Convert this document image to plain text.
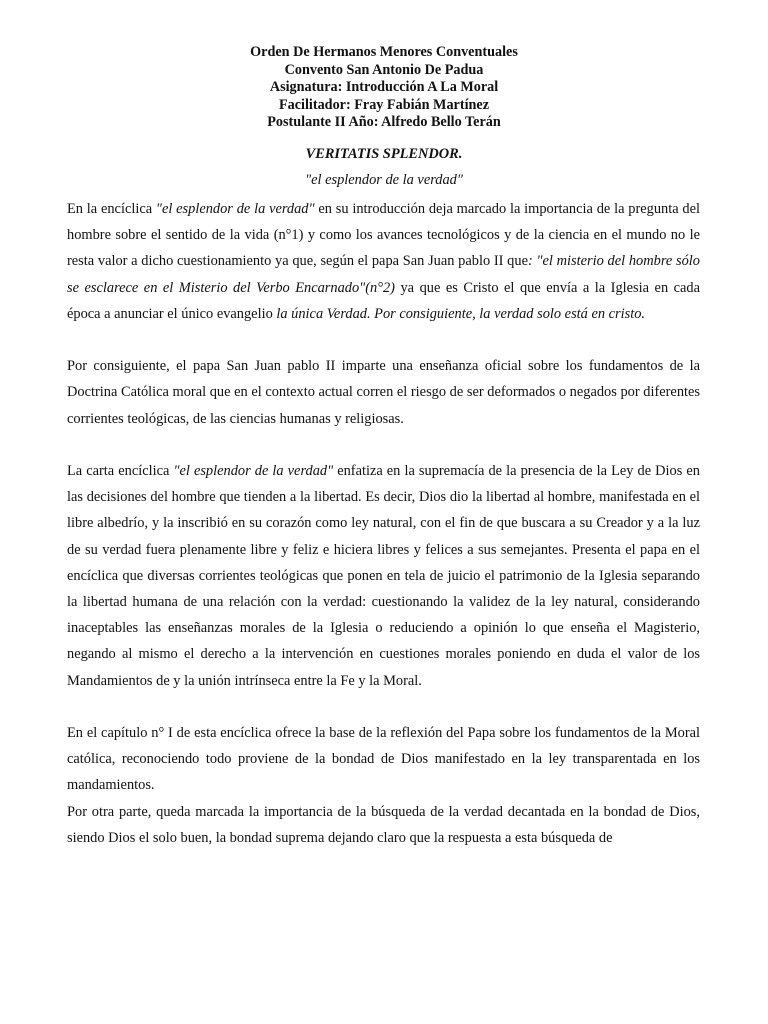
Orden De Hermanos Menores Conventuales
Convento San Antonio De Padua
Asignatura: Introducción A La Moral
Facilitador: Fray Fabián Martínez
Postulante II Año: Alfredo Bello Terán
VERITATIS SPLENDOR.
"el esplendor de la verdad"

En la encíclica "el esplendor de la verdad" en su introducción deja marcado la importancia de la pregunta del hombre sobre el sentido de la vida (n°1) y como los avances tecnológicos y de la ciencia en el mundo no le resta valor a dicho cuestionamiento ya que, según el papa San Juan pablo II que: "el misterio del hombre sólo se esclarece en el Misterio del Verbo Encarnado"(n°2) ya que es Cristo el que envía a la Iglesia en cada época a anunciar el único evangelio la única Verdad. Por consiguiente, la verdad solo está en cristo.

Por consiguiente, el papa San Juan pablo II imparte una enseñanza oficial sobre los fundamentos de la Doctrina Católica moral que en el contexto actual corren el riesgo de ser deformados o negados por diferentes corrientes teológicas, de las ciencias humanas y religiosas.

La carta encíclica "el esplendor de la verdad" enfatiza en la supremacía de la presencia de la Ley de Dios en las decisiones del hombre que tienden a la libertad. Es decir, Dios dio la libertad al hombre, manifestada en el libre albedrío, y la inscribió en su corazón como ley natural, con el fin de que buscara a su Creador y a la luz de su verdad fuera plenamente libre y feliz e hiciera libres y felices a sus semejantes. Presenta el papa en el encíclica que diversas corrientes teológicas que ponen en tela de juicio el patrimonio de la Iglesia separando la libertad humana de una relación con la verdad: cuestionando la validez de la ley natural, considerando inaceptables las enseñanzas morales de la Iglesia o reduciendo a opinión lo que enseña el Magisterio, negando al mismo el derecho a la intervención en cuestiones morales poniendo en duda el valor de los Mandamientos de y la unión intrínseca entre la Fe y la Moral.

En el capítulo n° I de esta encíclica ofrece la base de la reflexión del Papa sobre los fundamentos de la Moral católica, reconociendo todo proviene de la bondad de Dios manifestado en la ley transparentada en los mandamientos.

Por otra parte, queda marcada la importancia de la búsqueda de la verdad decantada en la bondad de Dios, siendo Dios el solo buen, la bondad suprema dejando claro que la respuesta a esta búsqueda de
